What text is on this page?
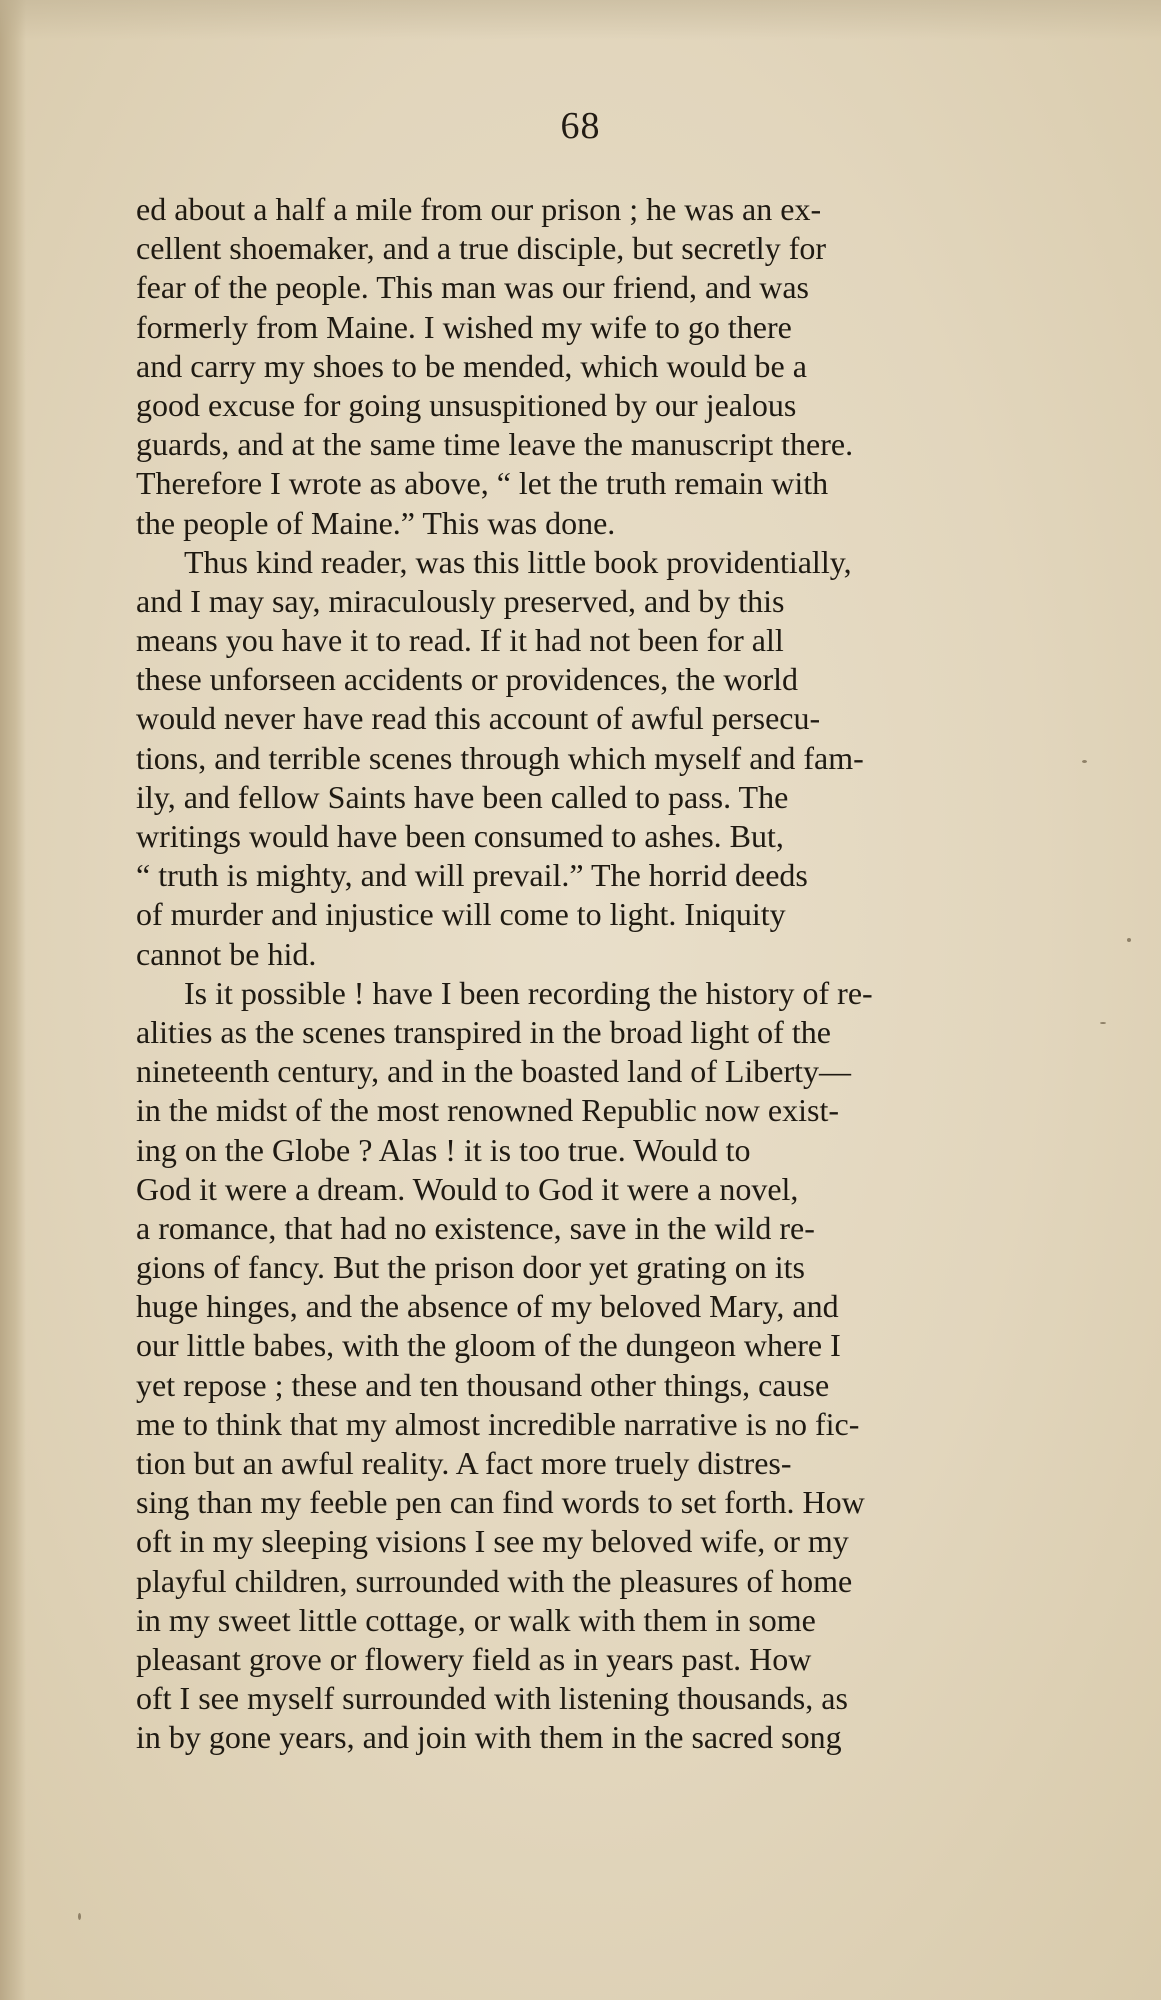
68
ed about a half a mile from our prison ; he was an ex-
cellent shoemaker, and a true disciple, but secretly for
fear of the people. This man was our friend, and was
formerly from Maine. I wished my wife to go there
and carry my shoes to be mended, which would be a
good excuse for going unsuspitioned by our jealous
guards, and at the same time leave the manuscript there.
Therefore I wrote as above, “ let the truth remain with
the people of Maine.” This was done.
Thus kind reader, was this little book providentially,
and I may say, miraculously preserved, and by this
means you have it to read. If it had not been for all
these unforseen accidents or providences, the world
would never have read this account of awful persecu-
tions, and terrible scenes through which myself and fam-
ily, and fellow Saints have been called to pass. The
writings would have been consumed to ashes. But,
“ truth is mighty, and will prevail.” The horrid deeds
of murder and injustice will come to light. Iniquity
cannot be hid.
Is it possible ! have I been recording the history of re-
alities as the scenes transpired in the broad light of the
nineteenth century, and in the boasted land of Liberty—
in the midst of the most renowned Republic now exist-
ing on the Globe ? Alas ! it is too true. Would to
God it were a dream. Would to God it were a novel,
a romance, that had no existence, save in the wild re-
gions of fancy. But the prison door yet grating on its
huge hinges, and the absence of my beloved Mary, and
our little babes, with the gloom of the dungeon where I
yet repose ; these and ten thousand other things, cause
me to think that my almost incredible narrative is no fic-
tion but an awful reality. A fact more truely distres-
sing than my feeble pen can find words to set forth. How
oft in my sleeping visions I see my beloved wife, or my
playful children, surrounded with the pleasures of home
in my sweet little cottage, or walk with them in some
pleasant grove or flowery field as in years past. How
oft I see myself surrounded with listening thousands, as
in by gone years, and join with them in the sacred song
